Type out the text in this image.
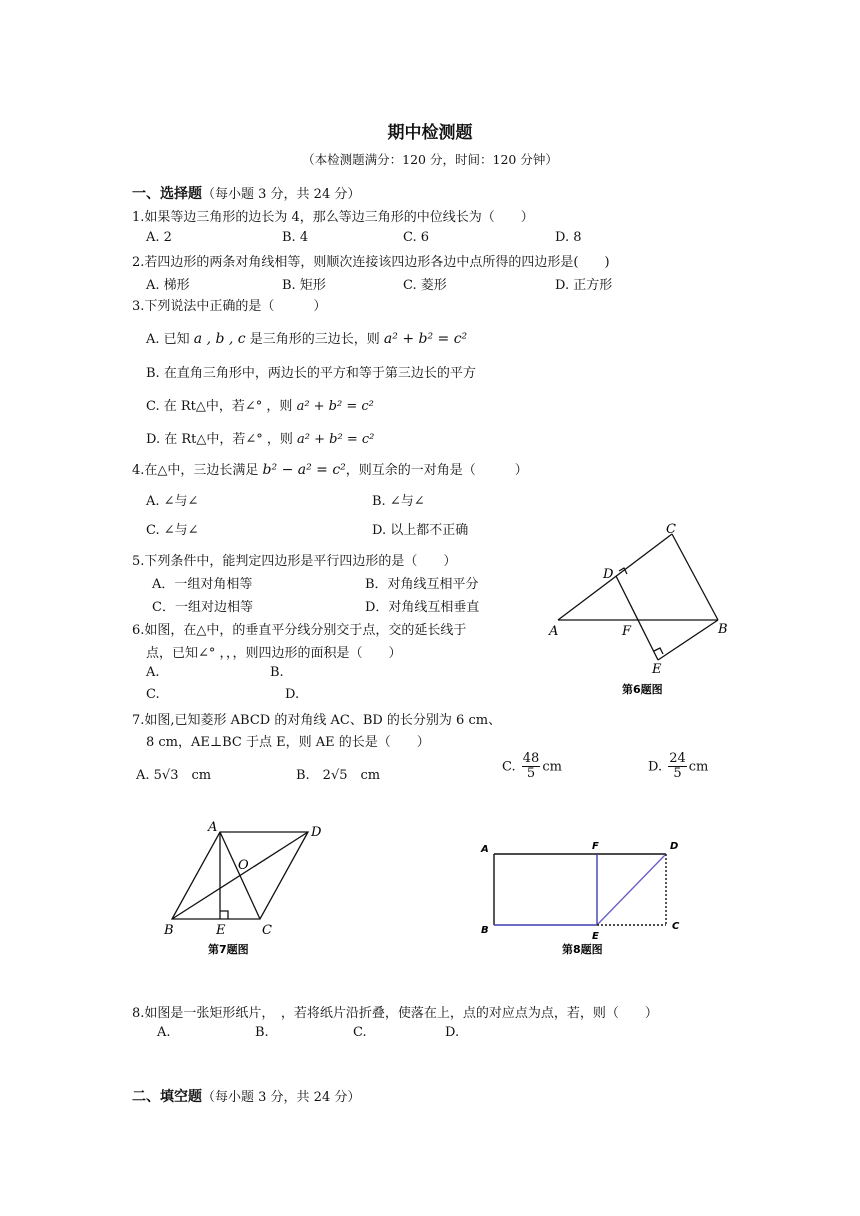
期中检测题
（本检测题满分：120 分，时间：120 分钟）
一、选择题（每小题 3 分，共 24 分）
1.如果等边三角形的边长为 4，那么等边三角形的中位线长为（　　）
A. 2	B. 4	C. 6	D. 8
2.若四边形的两条对角线相等，则顺次连接该四边形各边中点所得的四边形是(　　)
A. 梯形	B. 矩形	C. 菱形	D. 正方形
3.下列说法中正确的是（　　　）
A. 已知 a , b , c 是三角形的三边长，则 a² + b² = c²
B. 在直角三角形中，两边长的平方和等于第三边长的平方
C. 在 Rt△中，若∠° ，则 a² + b² = c²
D. 在 Rt△中，若∠° ，则 a² + b² = c²
4.在△中，三边长满足 b² − a² = c²，则互余的一对角是（　　　）
A. ∠与∠	B. ∠与∠
C. ∠与∠	D. 以上都不正确
5.下列条件中，能判定四边形是平行四边形的是（　　）
A．一组对角相等	B．对角线互相平分
C．一组对边相等	D．对角线互相垂直
6.如图，在△中，的垂直平分线分别交于点，交的延长线于
点，已知∠° ，，，则四边形的面积是（　　）
A.	B.
C.	D.
C
D
A	F	B
E
第6题图
7.如图,已知菱形 ABCD 的对角线 AC、BD 的长分别为 6 cm、
8 cm，AE⊥BC 于点 E，则 AE 的长是（　　）
A. 5√3　cm	B.　2√5　cm
C. $\frac{48}{5}$ cm	D. $\frac{24}{5}$ cm
A	D
O
B	E	C
第7题图
A	F	D
B	C
E
第8题图
8.如图是一张矩形纸片，　，若将纸片沿折叠，使落在上，点的对应点为点，若，则（　　）
A.	B.	C.	D.
二、填空题（每小题 3 分，共 24 分）
